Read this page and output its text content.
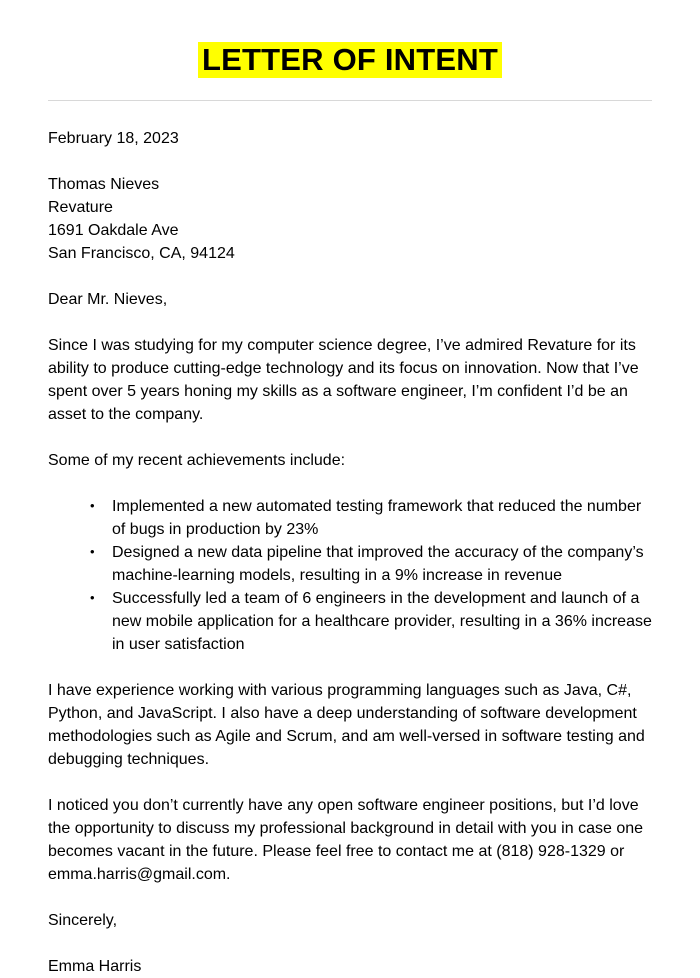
LETTER OF INTENT

February 18, 2023

Thomas Nieves
Revature
1691 Oakdale Ave
San Francisco, CA, 94124

Dear Mr. Nieves,

Since I was studying for my computer science degree, I’ve admired Revature for its ability to produce cutting-edge technology and its focus on innovation. Now that I’ve spent over 5 years honing my skills as a software engineer, I’m confident I’d be an asset to the company.

Some of my recent achievements include:

• Implemented a new automated testing framework that reduced the number of bugs in production by 23%
• Designed a new data pipeline that improved the accuracy of the company’s machine-learning models, resulting in a 9% increase in revenue
• Successfully led a team of 6 engineers in the development and launch of a new mobile application for a healthcare provider, resulting in a 36% increase in user satisfaction

I have experience working with various programming languages such as Java, C#, Python, and JavaScript. I also have a deep understanding of software development methodologies such as Agile and Scrum, and am well-versed in software testing and debugging techniques.

I noticed you don’t currently have any open software engineer positions, but I’d love the opportunity to discuss my professional background in detail with you in case one becomes vacant in the future. Please feel free to contact me at (818) 928-1329 or emma.harris@gmail.com.

Sincerely,

Emma Harris
